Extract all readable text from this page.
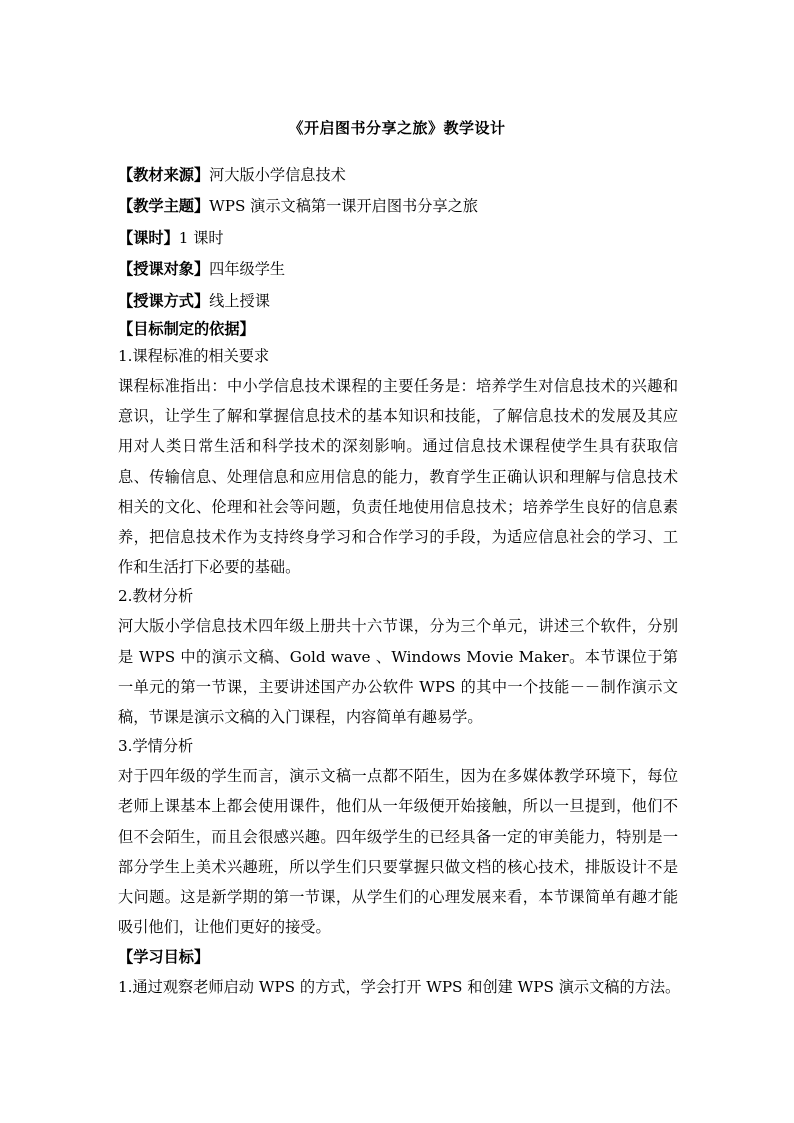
《开启图书分享之旅》教学设计
【教材来源】河大版小学信息技术
【教学主题】WPS 演示文稿第一课开启图书分享之旅
【课时】1 课时
【授课对象】四年级学生
【授课方式】线上授课
【目标制定的依据】
1.课程标准的相关要求

课程标准指出：中小学信息技术课程的主要任务是：培养学生对信息技术的兴趣和意识，让学生了解和掌握信息技术的基本知识和技能，了解信息技术的发展及其应用对人类日常生活和科学技术的深刻影响。通过信息技术课程使学生具有获取信息、传输信息、处理信息和应用信息的能力，教育学生正确认识和理解与信息技术相关的文化、伦理和社会等问题，负责任地使用信息技术；培养学生良好的信息素养，把信息技术作为支持终身学习和合作学习的手段，为适应信息社会的学习、工作和生活打下必要的基础。

2.教材分析

河大版小学信息技术四年级上册共十六节课，分为三个单元，讲述三个软件，分别是 WPS 中的演示文稿、Gold wave 、Windows Movie Maker。本节课位于第一单元的第一节课，主要讲述国产办公软件 WPS 的其中一个技能－－制作演示文稿，节课是演示文稿的入门课程，内容简单有趣易学。

3.学情分析

对于四年级的学生而言，演示文稿一点都不陌生，因为在多媒体教学环境下，每位老师上课基本上都会使用课件，他们从一年级便开始接触，所以一旦提到，他们不但不会陌生，而且会很感兴趣。四年级学生的已经具备一定的审美能力，特别是一部分学生上美术兴趣班，所以学生们只要掌握只做文档的核心技术，排版设计不是大问题。这是新学期的第一节课，从学生们的心理发展来看，本节课简单有趣才能吸引他们，让他们更好的接受。

【学习目标】
1.通过观察老师启动 WPS 的方式，学会打开 WPS 和创建 WPS 演示文稿的方法。
